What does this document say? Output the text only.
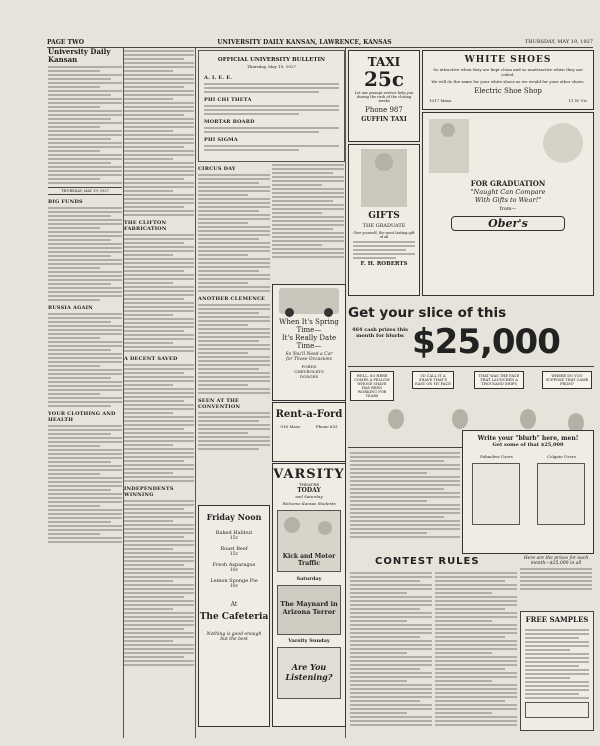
PAGE TWO	UNIVERSITY DAILY KANSAN, LAWRENCE, KANSAS	THURSDAY, MAY 19, 1927
University Daily Kansan
THURSDAY, MAY 19, 1927
BIG FUNDS
RUSSIA AGAIN
YOUR CLOTHING AND HEALTH
THE CLIFTON FABRICATION
A DECENT SAVED
INDEPENDENTS WINNING
OFFICIAL UNIVERSITY BULLETIN
Thursday, May 19, 1927
A. I. E. E.
PHI CHI THETA
MORTAR BOARD
PHI SIGMA
CIRCUS DAY
ANOTHER CLEMENCE
SEEN AT THE CONVENTION
When It's Spring
Time—
It's Really Date
Time—
So You'll Need a Car
for Those Occasions
FORDS
CHEVROLETS
DODGES
Rent-a-Ford
916 Mass.	Phone 653
VARSITY
THEATRE
TODAY
and Saturday
Welcome Kansas Students
Kick and Motor Traffic
Saturday
The Maynard in Arizona Terror
Varsity Sunday
Are You Listening?
Friday Noon
Baked Halibut
15c
Roast Beef
15c
Fresh Asparagus
10c
Lemon Sponge Pie
10c
At
The Cafeteria
Nothing is good enough but the best
TAXI
25c
Let our prompt service help you during the rush of the closing weeks
Phone 987
GUFFIN TAXI
WHITE SHOES
So attractive when they are kept clean and so unattractive when they are soiled.
We will do the same for your white shoes as we would for your other shoes.
Electric Shoe Shop
1017 Mass.	11 W. Vic
GIFTS
THE GRADUATE
Give yourself, the most lasting gift of all
F. H. ROBERTS
FOR GRADUATION
"Naught Can Compare
With Gifts to Wear!"
from—
Ober's
Get your slice of this
464 cash prizes this month for blurbs $25,000
WELL, SO HERE COMES A FELLOW WHOSE SHAVE HAS BEEN WORKING FOR YEARS
I'D CALL IT A SHAVE THAT'S EASY ON MY FACE
THAT WAS THE FACE THAT LAUNCHED A THOUSAND SHIPS
WHERE DO YOU SUPPOSE THAT CAME FROM?
Write your "blurb" here, men!
Get some of that $25,000
Palmolive Users	Colgate Users
CONTEST RULES	Here are the prizes for each month—$25,000 in all
FREE SAMPLES
